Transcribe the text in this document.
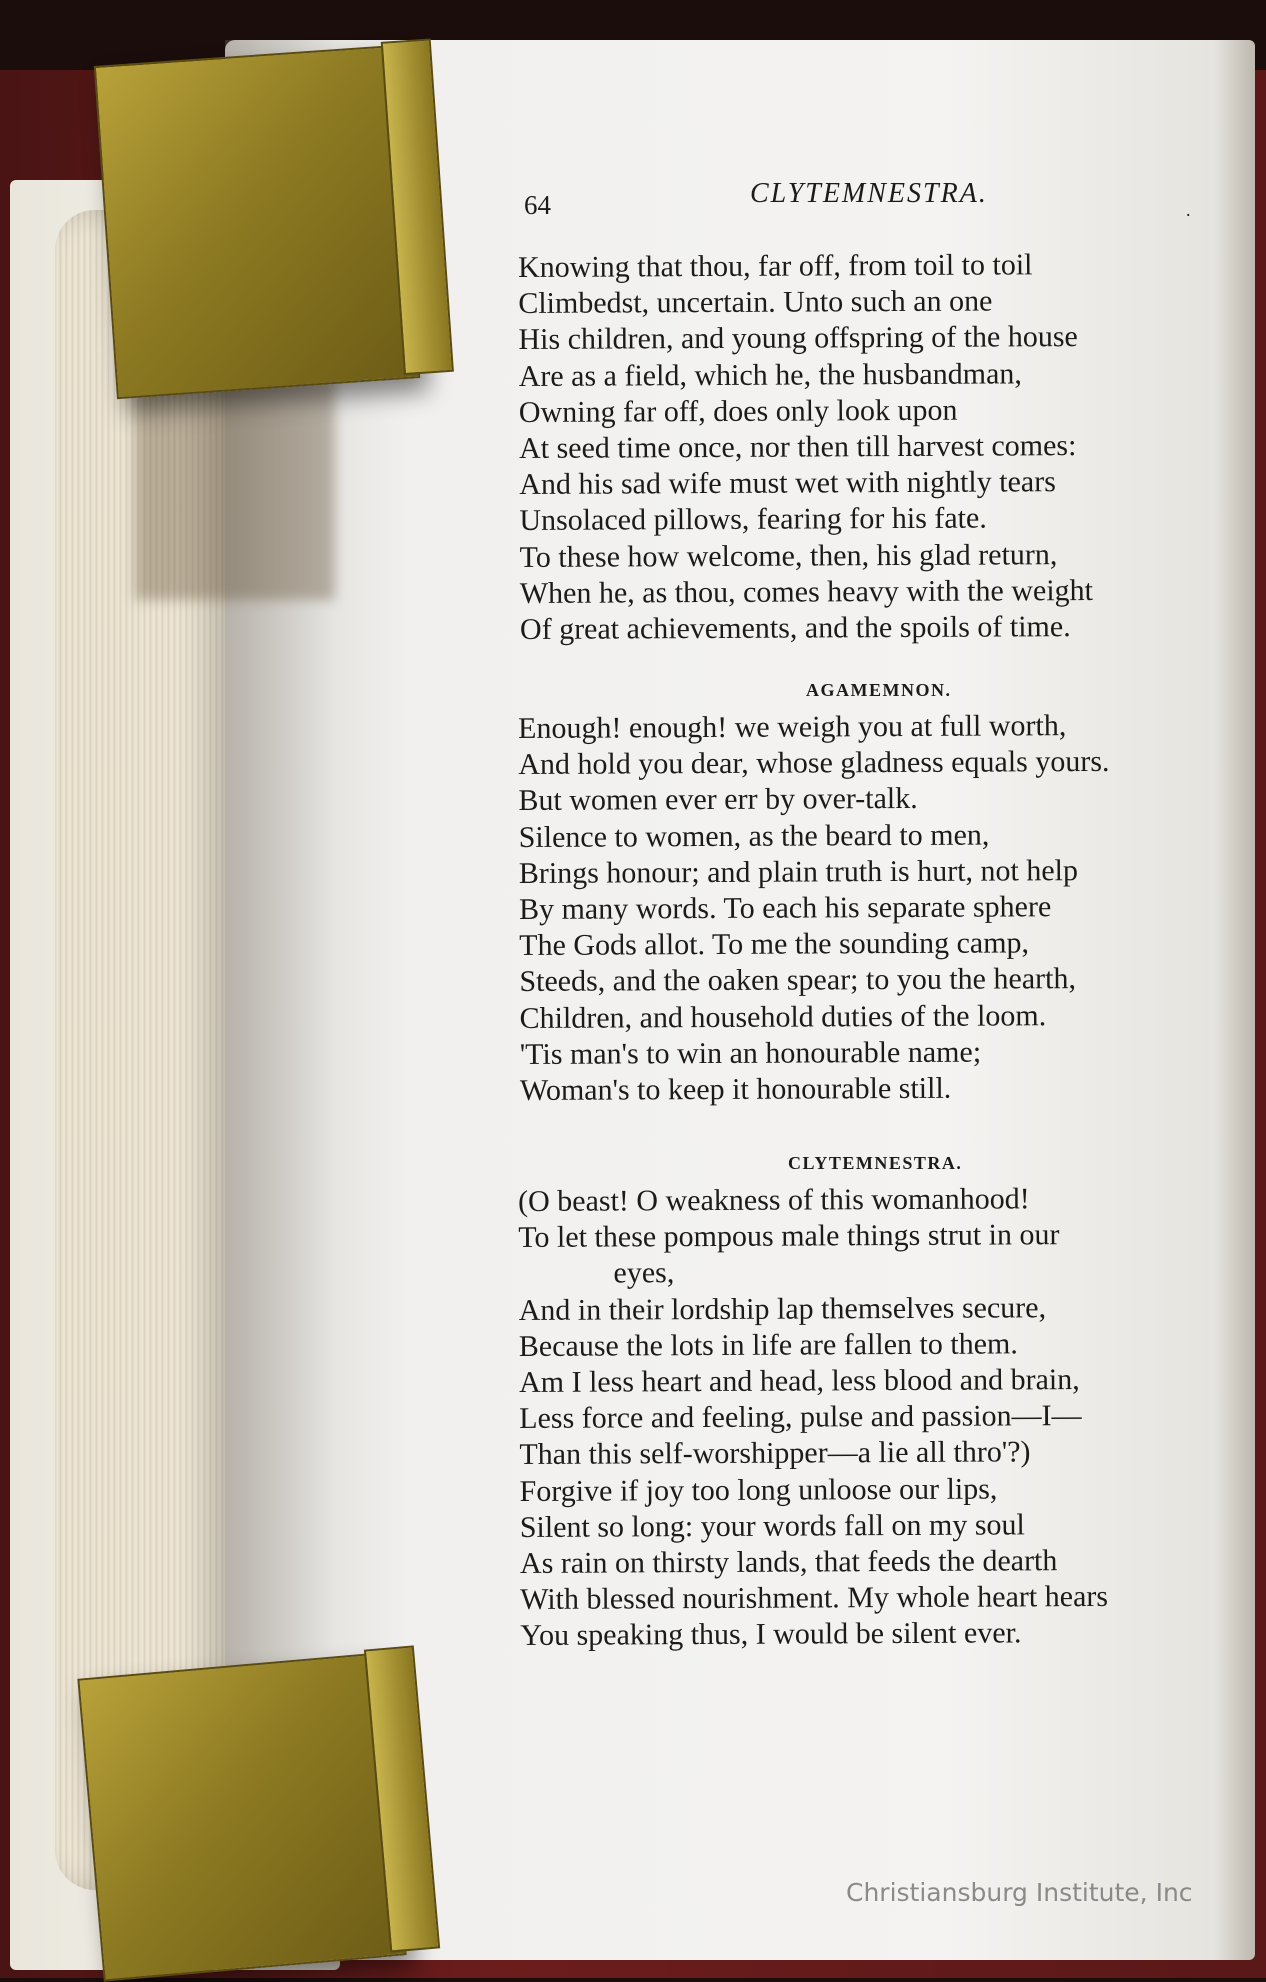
64	CLYTEMNESTRA.
.
Knowing that thou, far off, from toil to toil
Climbedst, uncertain. Unto such an one
His children, and young offspring of the house
Are as a field, which he, the husbandman,
Owning far off, does only look upon
At seed time once, nor then till harvest comes:
And his sad wife must wet with nightly tears
Unsolaced pillows, fearing for his fate.
To these how welcome, then, his glad return,
When he, as thou, comes heavy with the weight
Of great achievements, and the spoils of time.
AGAMEMNON.
Enough! enough! we weigh you at full worth,
And hold you dear, whose gladness equals yours.
But women ever err by over-talk.
Silence to women, as the beard to men,
Brings honour; and plain truth is hurt, not help
By many words. To each his separate sphere
The Gods allot. To me the sounding camp,
Steeds, and the oaken spear; to you the hearth,
Children, and household duties of the loom.
'Tis man's to win an honourable name;
Woman's to keep it honourable still.
CLYTEMNESTRA.
(O beast! O weakness of this womanhood!
To let these pompous male things strut in our
eyes,
And in their lordship lap themselves secure,
Because the lots in life are fallen to them.
Am I less heart and head, less blood and brain,
Less force and feeling, pulse and passion—I—
Than this self-worshipper—a lie all thro'?)
Forgive if joy too long unloose our lips,
Silent so long: your words fall on my soul
As rain on thirsty lands, that feeds the dearth
With blessed nourishment. My whole heart hears
You speaking thus, I would be silent ever.
Christiansburg Institute, Inc
